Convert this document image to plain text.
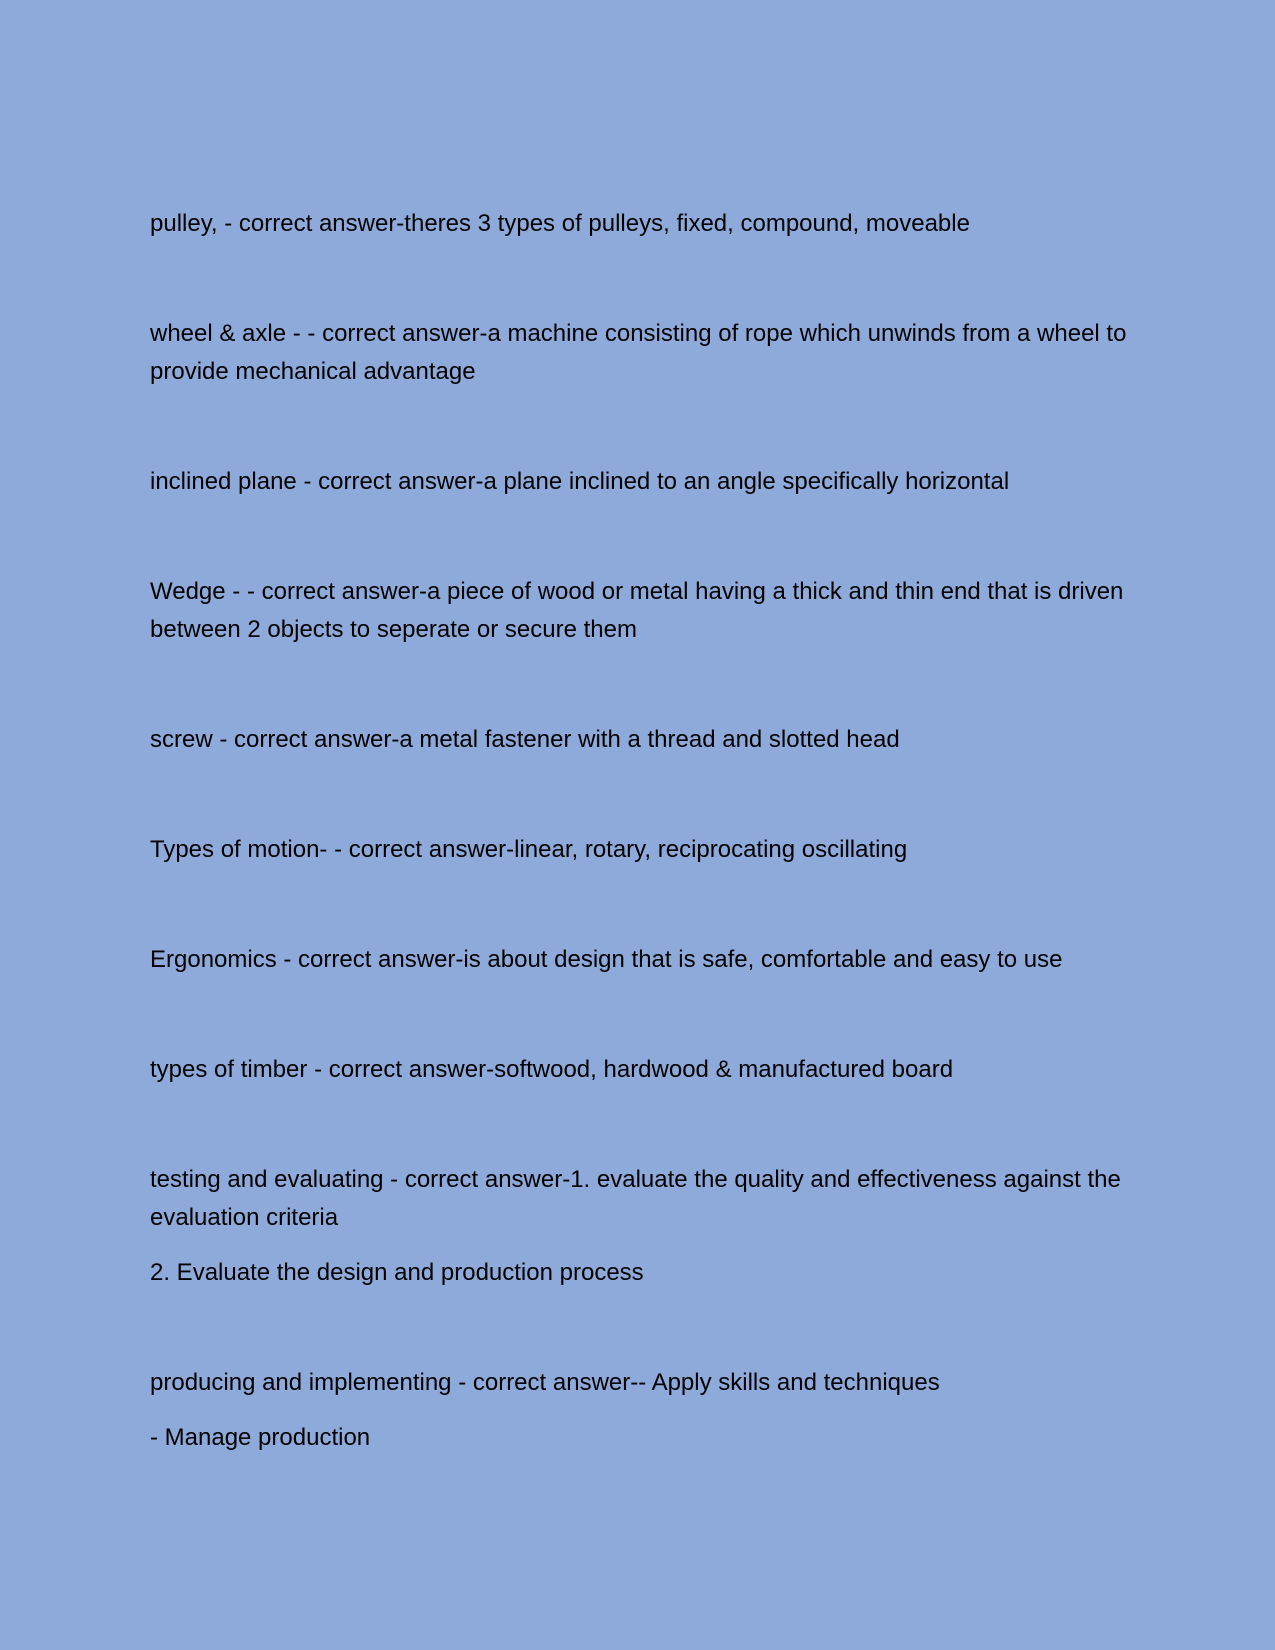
pulley, - correct answer-theres 3 types of pulleys, fixed, compound, moveable

wheel & axle - - correct answer-a machine consisting of rope which unwinds from a wheel to provide mechanical advantage

inclined plane - correct answer-a plane inclined to an angle specifically horizontal

Wedge - - correct answer-a piece of wood or metal having a thick and thin end that is driven between 2 objects to seperate or secure them

screw - correct answer-a metal fastener with a thread and slotted head

Types of motion- - correct answer-linear, rotary, reciprocating oscillating

Ergonomics - correct answer-is about design that is safe, comfortable and easy to use

types of timber - correct answer-softwood, hardwood & manufactured board

testing and evaluating - correct answer-1. evaluate the quality and effectiveness against the evaluation criteria

2. Evaluate the design and production process

producing and implementing - correct answer-- Apply skills and techniques

- Manage production
